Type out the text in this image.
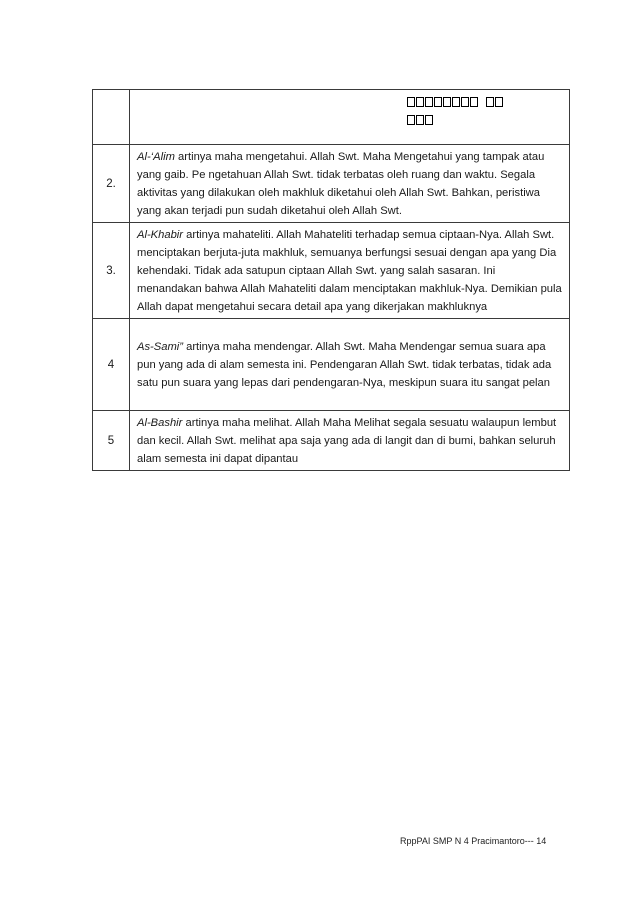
2.	Al-‘Alim artinya maha mengetahui. Allah Swt. Maha Mengetahui yang tampak atau yang gaib. Pe ngetahuan Allah Swt. tidak terbatas oleh ruang dan waktu. Segala aktivitas yang dilakukan oleh makhluk diketahui oleh Allah Swt. Bahkan, peristiwa yang akan terjadi pun sudah diketahui oleh Allah Swt.
3.	Al-Khabir artinya mahateliti. Allah Mahateliti terhadap semua ciptaan-Nya. Allah Swt. menciptakan berjuta-juta makhluk, semuanya berfungsi sesuai dengan apa yang Dia kehendaki. Tidak ada satupun ciptaan Allah Swt. yang salah sasaran. Ini menandakan bahwa Allah Mahateliti dalam menciptakan makhluk-Nya. Demikian pula Allah dapat mengetahui secara detail apa yang dikerjakan makhluknya
4	As-Sami” artinya maha mendengar. Allah Swt. Maha Mendengar semua suara apa pun yang ada di alam semesta ini. Pendengaran Allah Swt. tidak terbatas, tidak ada satu pun suara yang lepas dari pendengaran-Nya, meskipun suara itu sangat pelan
5	Al-Bashir artinya maha melihat. Allah Maha Melihat segala sesuatu walaupun lembut dan kecil. Allah Swt. melihat apa saja yang ada di langit dan di bumi, bahkan seluruh alam semesta ini dapat dipantau
RppPAI SMP N 4 Pracimantoro--- 14
